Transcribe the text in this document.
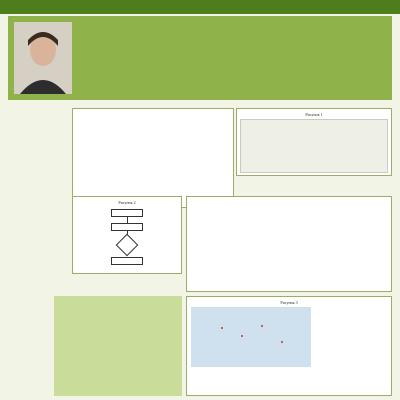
Рисунок 1
Рисунок 2

Рисунок 3
